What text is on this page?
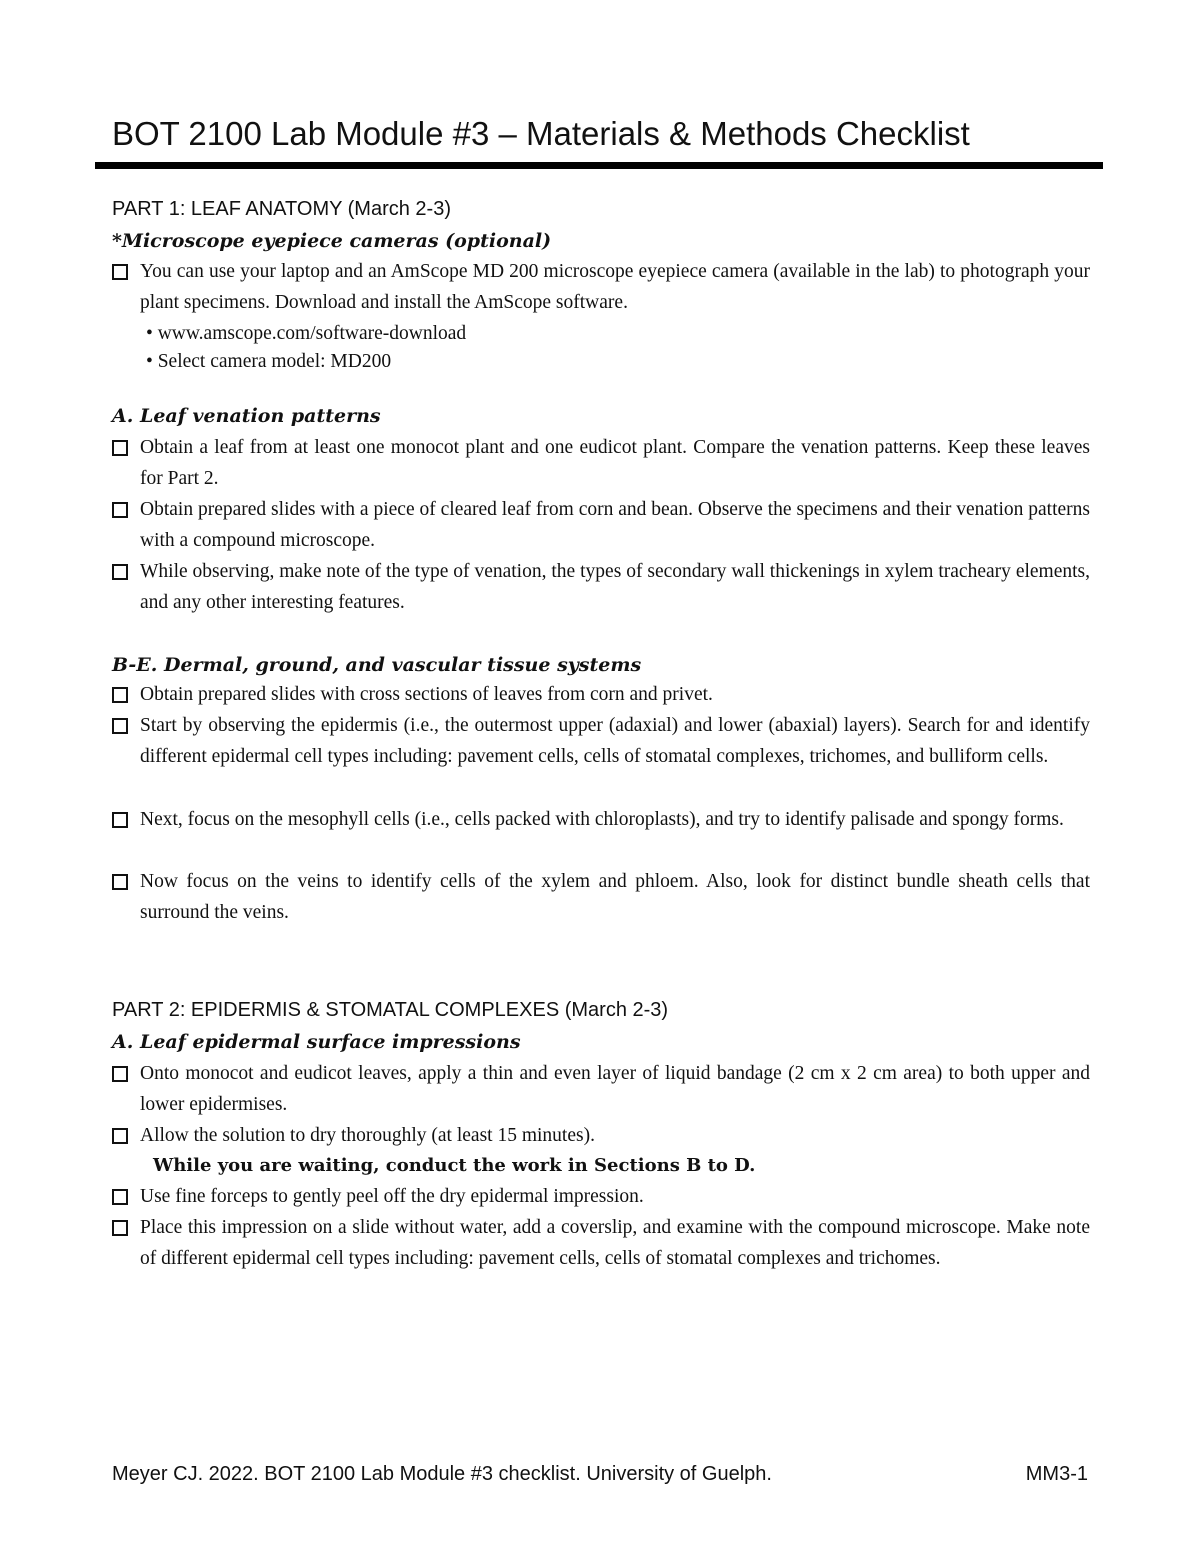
BOT 2100 Lab Module #3 – Materials & Methods Checklist
PART 1: LEAF ANATOMY (March 2-3)
*Microscope eyepiece cameras (optional)
You can use your laptop and an AmScope MD 200 microscope eyepiece camera (available in the lab) to photograph your plant specimens. Download and install the AmScope software.
• www.amscope.com/software-download
• Select camera model: MD200
A. Leaf venation patterns
Obtain a leaf from at least one monocot plant and one eudicot plant. Compare the venation patterns. Keep these leaves for Part 2.
Obtain prepared slides with a piece of cleared leaf from corn and bean. Observe the specimens and their venation patterns with a compound microscope.
While observing, make note of the type of venation, the types of secondary wall thickenings in xylem tracheary elements, and any other interesting features.
B-E. Dermal, ground, and vascular tissue systems
Obtain prepared slides with cross sections of leaves from corn and privet.
Start by observing the epidermis (i.e., the outermost upper (adaxial) and lower (abaxial) layers). Search for and identify different epidermal cell types including: pavement cells, cells of stomatal complexes, trichomes, and bulliform cells.
Next, focus on the mesophyll cells (i.e., cells packed with chloroplasts), and try to identify palisade and spongy forms.
Now focus on the veins to identify cells of the xylem and phloem. Also, look for distinct bundle sheath cells that surround the veins.
PART 2: EPIDERMIS & STOMATAL COMPLEXES (March 2-3)
A. Leaf epidermal surface impressions
Onto monocot and eudicot leaves, apply a thin and even layer of liquid bandage (2 cm x 2 cm area) to both upper and lower epidermises.
Allow the solution to dry thoroughly (at least 15 minutes).
While you are waiting, conduct the work in Sections B to D.
Use fine forceps to gently peel off the dry epidermal impression.
Place this impression on a slide without water, add a coverslip, and examine with the compound microscope. Make note of different epidermal cell types including: pavement cells, cells of stomatal complexes and trichomes.
Meyer CJ. 2022. BOT 2100 Lab Module #3 checklist. University of Guelph.	MM3-1
